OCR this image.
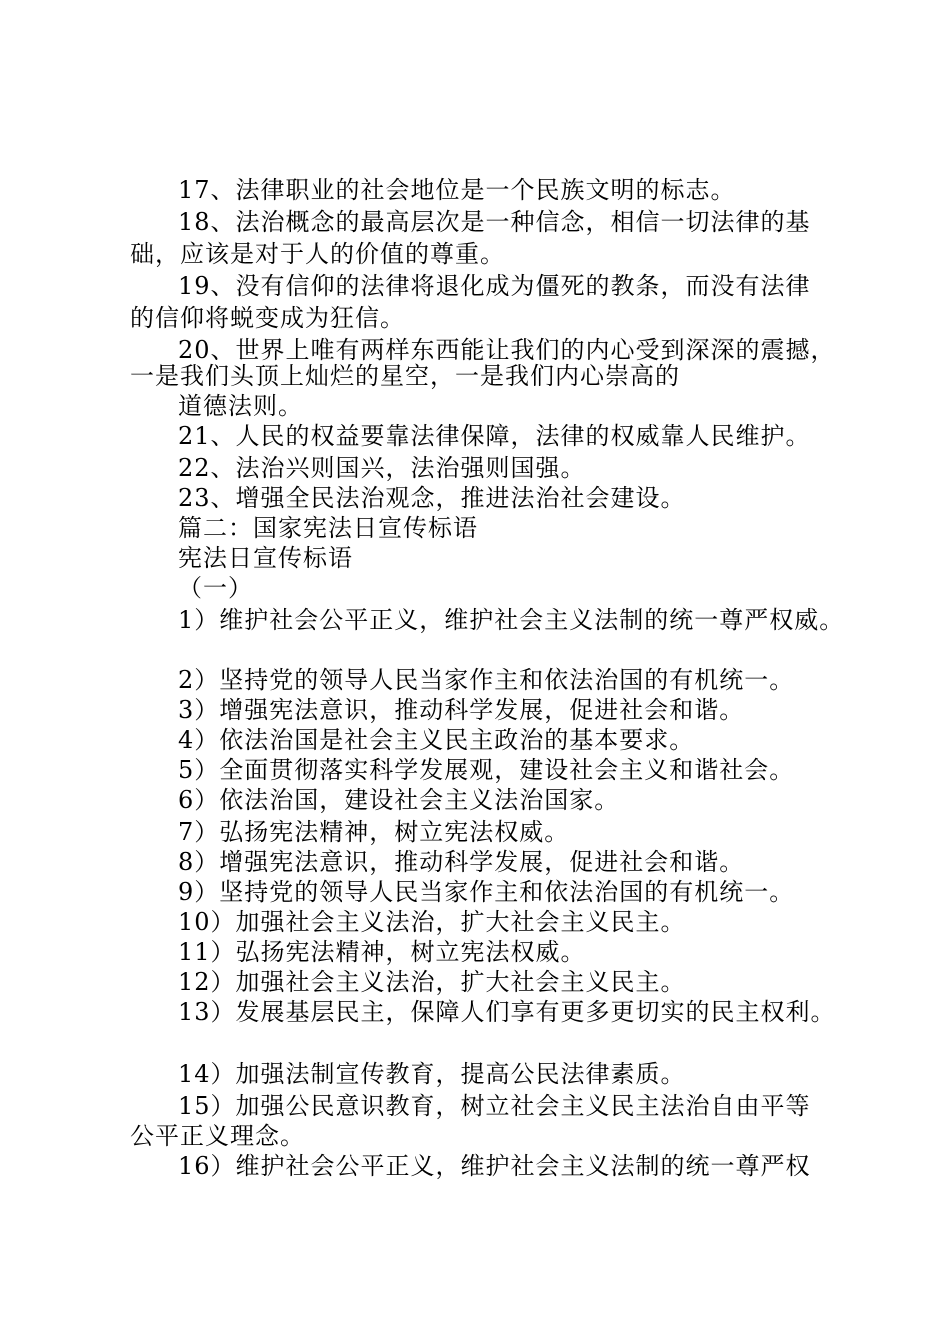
17、法律职业的社会地位是一个民族文明的标志。
18、法治概念的最高层次是一种信念，相信一切法律的基
础，应该是对于人的价值的尊重。
19、没有信仰的法律将退化成为僵死的教条，而没有法律
的信仰将蜕变成为狂信。
20、世界上唯有两样东西能让我们的内心受到深深的震撼，
一是我们头顶上灿烂的星空，一是我们内心崇高的
道德法则。
21、人民的权益要靠法律保障，法律的权威靠人民维护。
22、法治兴则国兴，法治强则国强。
23、增强全民法治观念，推进法治社会建设。
篇二：国家宪法日宣传标语
宪法日宣传标语
（一）
1）维护社会公平正义，维护社会主义法制的统一尊严权威。
2）坚持党的领导人民当家作主和依法治国的有机统一。
3）增强宪法意识，推动科学发展，促进社会和谐。
4）依法治国是社会主义民主政治的基本要求。
5）全面贯彻落实科学发展观，建设社会主义和谐社会。
6）依法治国，建设社会主义法治国家。
7）弘扬宪法精神，树立宪法权威。
8）增强宪法意识，推动科学发展，促进社会和谐。
9）坚持党的领导人民当家作主和依法治国的有机统一。
10）加强社会主义法治，扩大社会主义民主。
11）弘扬宪法精神，树立宪法权威。
12）加强社会主义法治，扩大社会主义民主。
13）发展基层民主，保障人们享有更多更切实的民主权利。
14）加强法制宣传教育，提高公民法律素质。
15）加强公民意识教育，树立社会主义民主法治自由平等
公平正义理念。
16）维护社会公平正义，维护社会主义法制的统一尊严权
